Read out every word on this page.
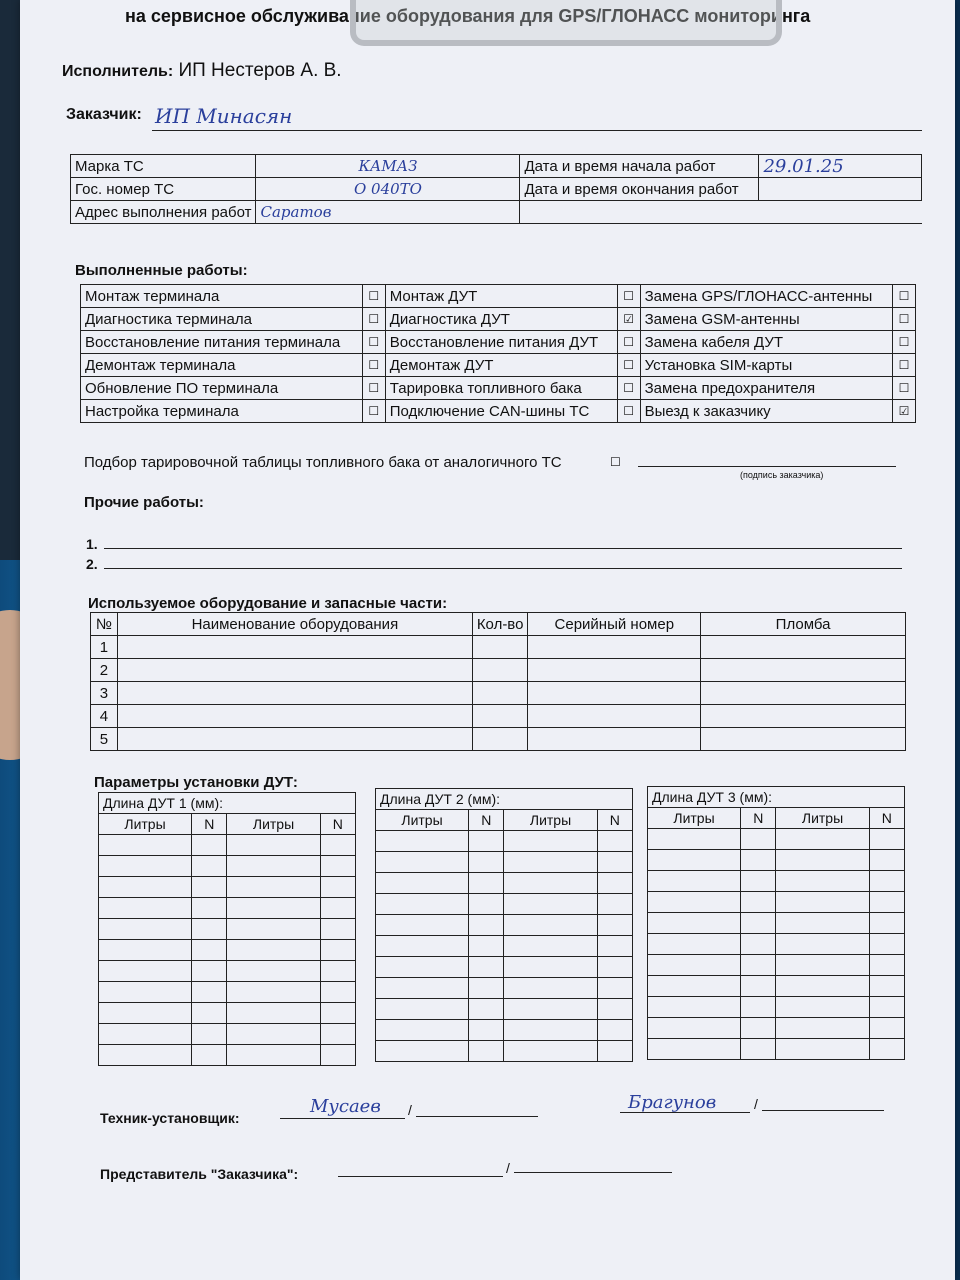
на сервисное обслуживание оборудования для GPS/ГЛОНАСС мониторинга
Исполнитель: ИП Нестеров А. В.
Заказчик: ИП Минасян
Марка ТС	КАМАЗ	Дата и время начала работ	29.01.25
Гос. номер ТС	О 040ТО	Дата и время окончания работ	
Адрес выполнения работ	Саратов		
Выполненные работы:
Монтаж терминала	☐	Монтаж ДУТ	☐	Замена GPS/ГЛОНАСС-антенны	☐
Диагностика терминала	☐	Диагностика ДУТ	☑	Замена GSM-антенны	☐
Восстановление питания терминала	☐	Восстановление питания ДУТ	☐	Замена кабеля ДУТ	☐
Демонтаж терминала	☐	Демонтаж ДУТ	☐	Установка SIM-карты	☐
Обновление ПО терминала	☐	Тарировка топливного бака	☐	Замена предохранителя	☐
Настройка терминала	☐	Подключение CAN-шины ТС	☐	Выезд к заказчику	☑
Подбор тарировочной таблицы топливного бака от аналогичного ТС	☐
(подпись заказчика)
Прочие работы:
1.
2.
Используемое оборудование и запасные части:
№	Наименование оборудования	Кол-во	Серийный номер	Пломба
1				
2				
3				
4				
5				
Параметры установки ДУТ:
Длина ДУТ 1 (мм):			
Литры	N	Литры	N

Длина ДУТ 2 (мм):			
Литры	N	Литры	N

Длина ДУТ 3 (мм):			
Литры	N	Литры	N

Техник-установщик:
Мусаев /	Брагунов	/
Представитель "Заказчика":	/
